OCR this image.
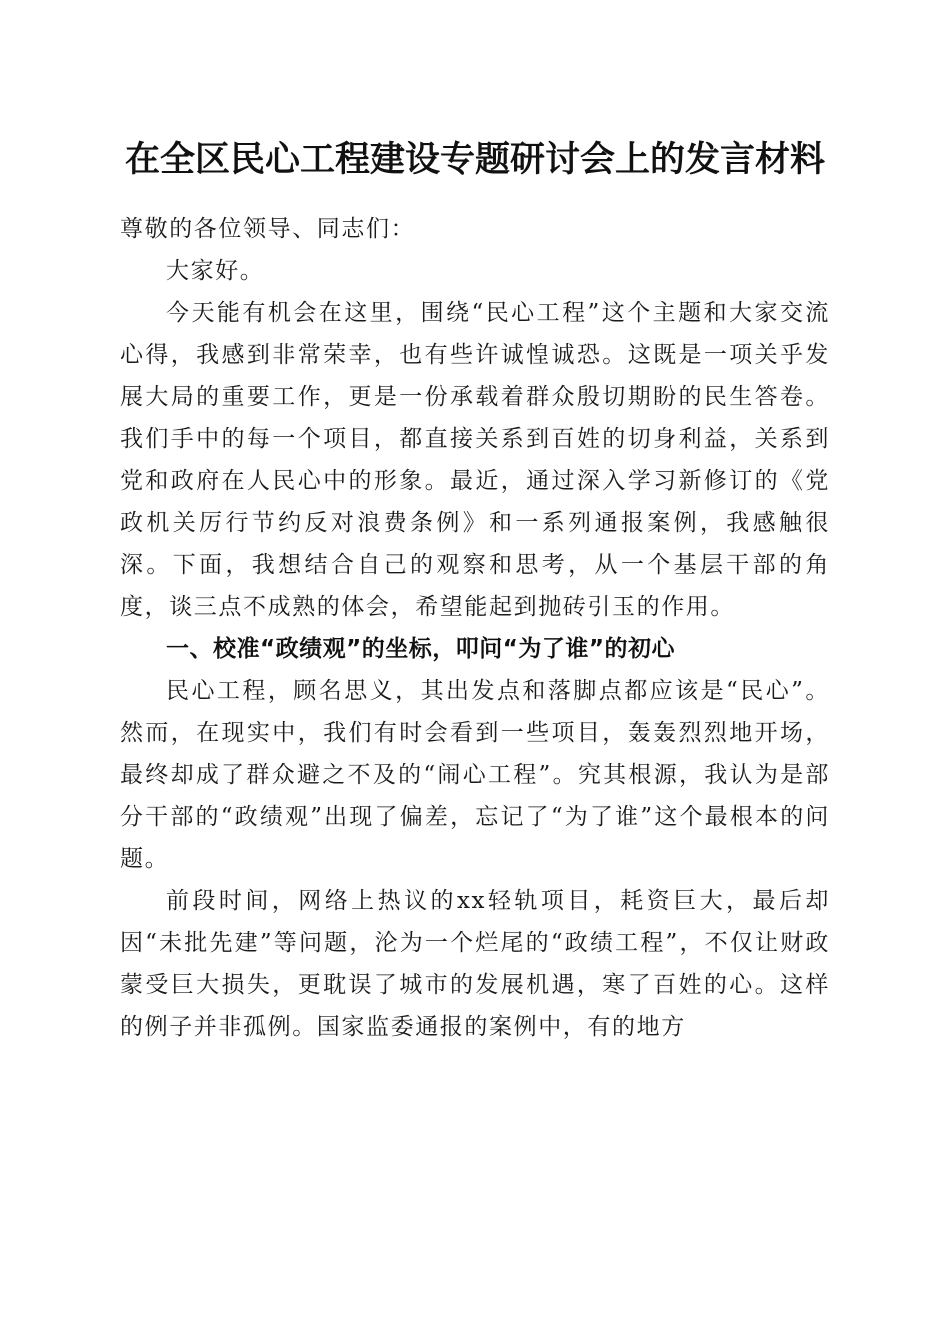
在全区民心工程建设专题研讨会上的发言材料

尊敬的各位领导、同志们：

大家好。

今天能有机会在这里，围绕“民心工程”这个主题和大家交流心得，我感到非常荣幸，也有些许诚惶诚恐。这既是一项关乎发展大局的重要工作，更是一份承载着群众殷切期盼的民生答卷。我们手中的每一个项目，都直接关系到百姓的切身利益，关系到党和政府在人民心中的形象。最近，通过深入学习新修订的《党政机关厉行节约反对浪费条例》和一系列通报案例，我感触很深。下面，我想结合自己的观察和思考，从一个基层干部的角度，谈三点不成熟的体会，希望能起到抛砖引玉的作用。

一、校准“政绩观”的坐标，叩问“为了谁”的初心

民心工程，顾名思义，其出发点和落脚点都应该是“民心”。然而，在现实中，我们有时会看到一些项目，轰轰烈烈地开场，最终却成了群众避之不及的“闹心工程”。究其根源，我认为是部分干部的“政绩观”出现了偏差，忘记了“为了谁”这个最根本的问题。

前段时间，网络上热议的xx轻轨项目，耗资巨大，最后却因“未批先建”等问题，沦为一个烂尾的“政绩工程”，不仅让财政蒙受巨大损失，更耽误了城市的发展机遇，寒了百姓的心。这样的例子并非孤例。国家监委通报的案例中，有的地方
